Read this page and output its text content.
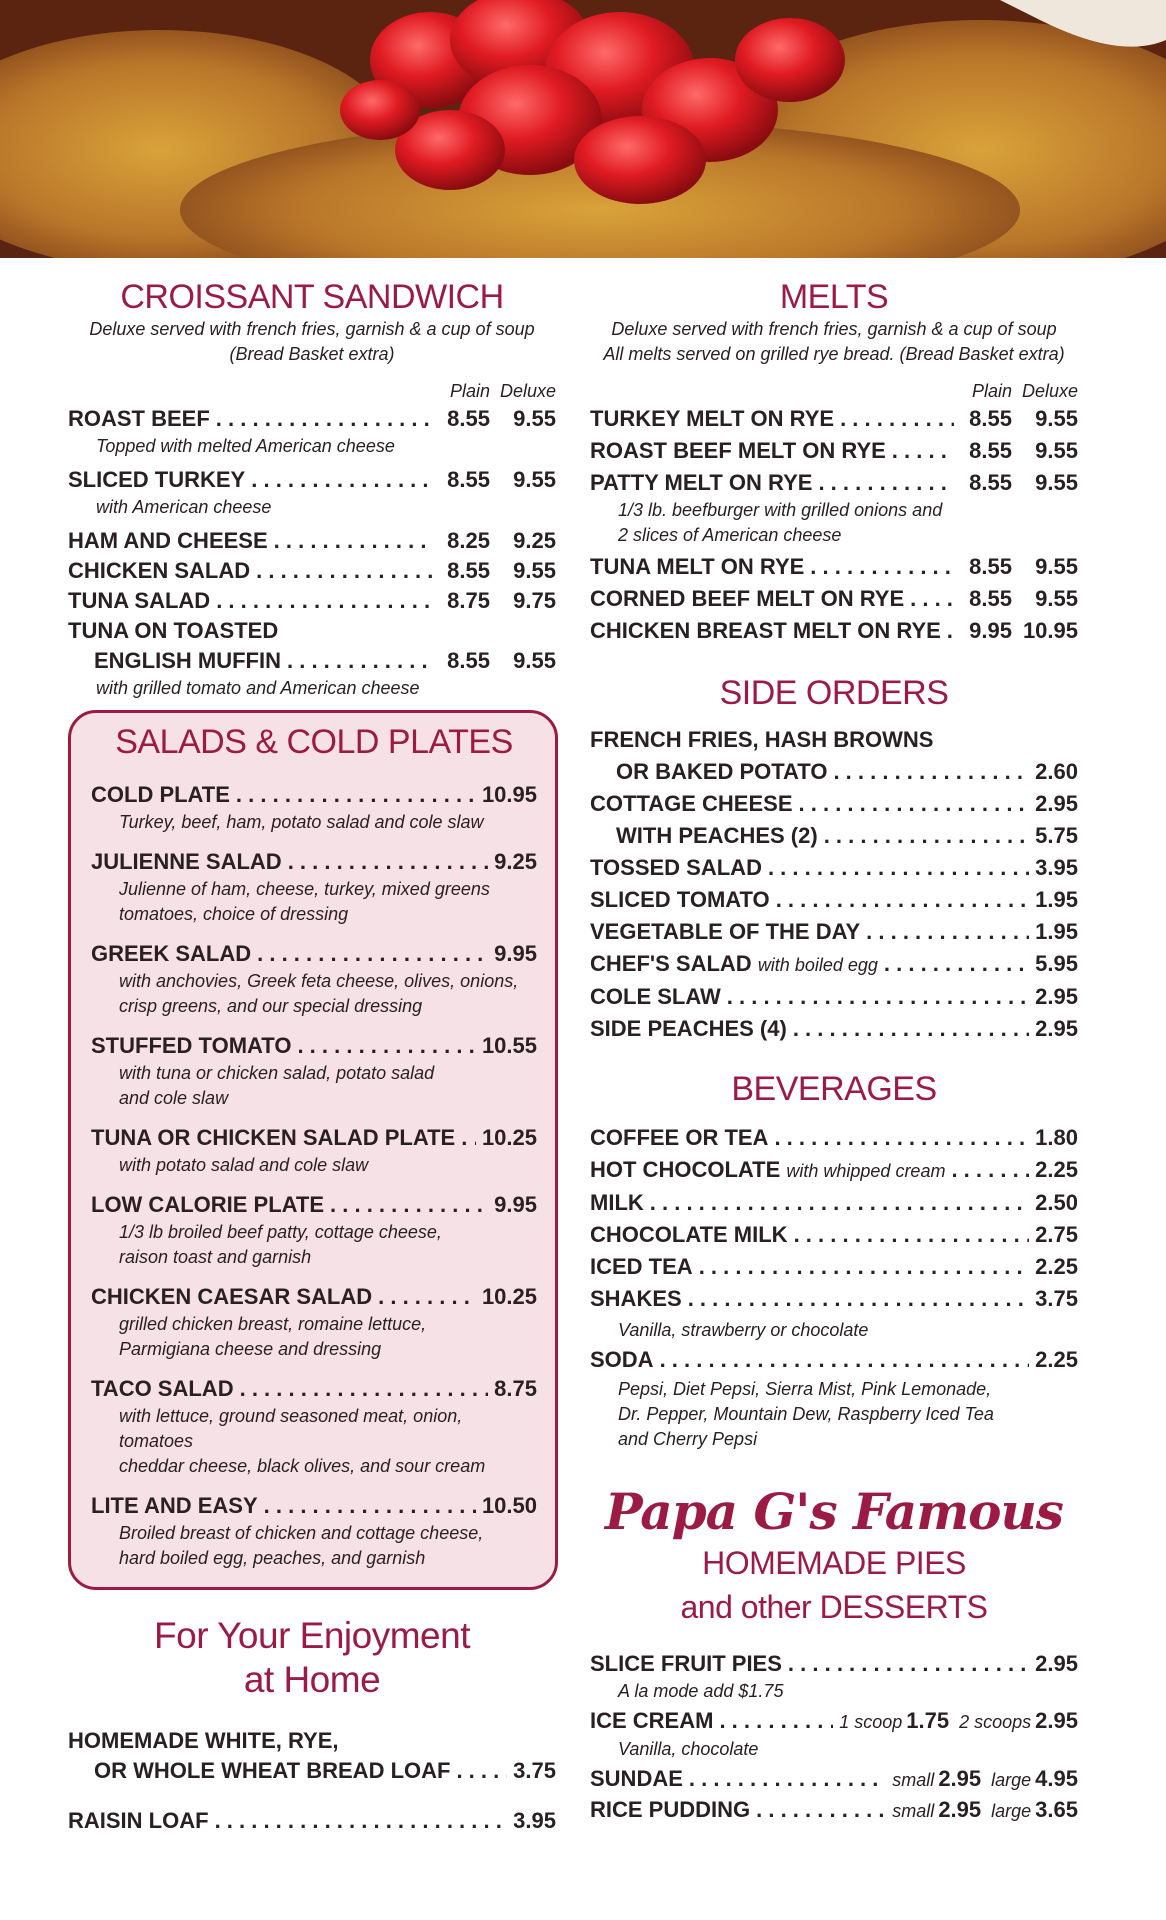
CROISSANT SANDWICH

Deluxe served with french fries, garnish & a cup of soup

(Bread Basket extra)

Plain Deluxe
ROAST BEEF . . .	8.55	9.55
Topped with melted American cheese
SLICED TURKEY . . .	8.55	9.55
with American cheese
HAM AND CHEESE . . .	8.25	9.25
CHICKEN SALAD . . .	8.55	9.55
TUNA SALAD . . .	8.75	9.75
TUNA ON TOASTED
ENGLISH MUFFIN . . .	8.55	9.55
with grilled tomato and American cheese
SALADS & COLD PLATES
COLD PLATE . . .	10.95
Turkey, beef, ham, potato salad and cole slaw
JULIENNE SALAD . . .	9.25
Julienne of ham, cheese, turkey, mixed greens
tomatoes, choice of dressing
GREEK SALAD . . .	9.95
with anchovies, Greek feta cheese, olives, onions,
crisp greens, and our special dressing
STUFFED TOMATO . . .	10.55
with tuna or chicken salad, potato salad
and cole slaw
TUNA OR CHICKEN SALAD PLATE . . . 10.25
with potato salad and cole slaw
LOW CALORIE PLATE . . .	9.95
1/3 lb broiled beef patty, cottage cheese,
raison toast and garnish
CHICKEN CAESAR SALAD . . .	10.25
grilled chicken breast, romaine lettuce,
Parmigiana cheese and dressing
TACO SALAD . . .	8.75
with lettuce, ground seasoned meat, onion, tomatoes
cheddar cheese, black olives, and sour cream
LITE AND EASY . . .	10.50
Broiled breast of chicken and cottage cheese,
hard boiled egg, peaches, and garnish
For Your Enjoyment
at Home
HOMEMADE WHITE, RYE,
OR WHOLE WHEAT BREAD LOAF . . .	3.75
RAISIN LOAF . . .	3.95
MELTS

Deluxe served with french fries, garnish & a cup of soup

All melts served on grilled rye bread. (Bread Basket extra)

Plain Deluxe
TURKEY MELT ON RYE . . .	8.55	9.55
ROAST BEEF MELT ON RYE . . .	8.55	9.55
PATTY MELT ON RYE . . .	8.55	9.55
1/3 lb. beefburger with grilled onions and
2 slices of American cheese
TUNA MELT ON RYE . . .	8.55	9.55
CORNED BEEF MELT ON RYE . . .	8.55	9.55
CHICKEN BREAST MELT ON RYE . . .	9.95 10.95
SIDE ORDERS
FRENCH FRIES, HASH BROWNS
OR BAKED POTATO . . .	2.60
COTTAGE CHEESE . . .	2.95
WITH PEACHES (2) . . .	5.75
TOSSED SALAD . . .	3.95
SLICED TOMATO . . .	1.95
VEGETABLE OF THE DAY . . .	1.95
CHEF'S SALAD with boiled egg . . .	5.95
COLE SLAW . . .	2.95
SIDE PEACHES (4) . . .	2.95
BEVERAGES
COFFEE OR TEA . . .	1.80
HOT CHOCOLATE with whipped cream . . .	2.25
MILK . . .	2.50
CHOCOLATE MILK . . .	2.75
ICED TEA . . .	2.25
SHAKES . . .	3.75
Vanilla, strawberry or chocolate
SODA . . .	2.25
Pepsi, Diet Pepsi, Sierra Mist, Pink Lemonade,
Dr. Pepper, Mountain Dew, Raspberry Iced Tea
and Cherry Pepsi
Papa G's Famous
HOMEMADE PIES
and other DESSERTS
SLICE FRUIT PIES . . .	2.95
A la mode add $1.75
ICE CREAM . . .	1 scoop 1.75 2 scoops 2.95
Vanilla, chocolate
SUNDAE . . .	small 2.95 large 4.95
RICE PUDDING . . .	small 2.95 large 3.65
